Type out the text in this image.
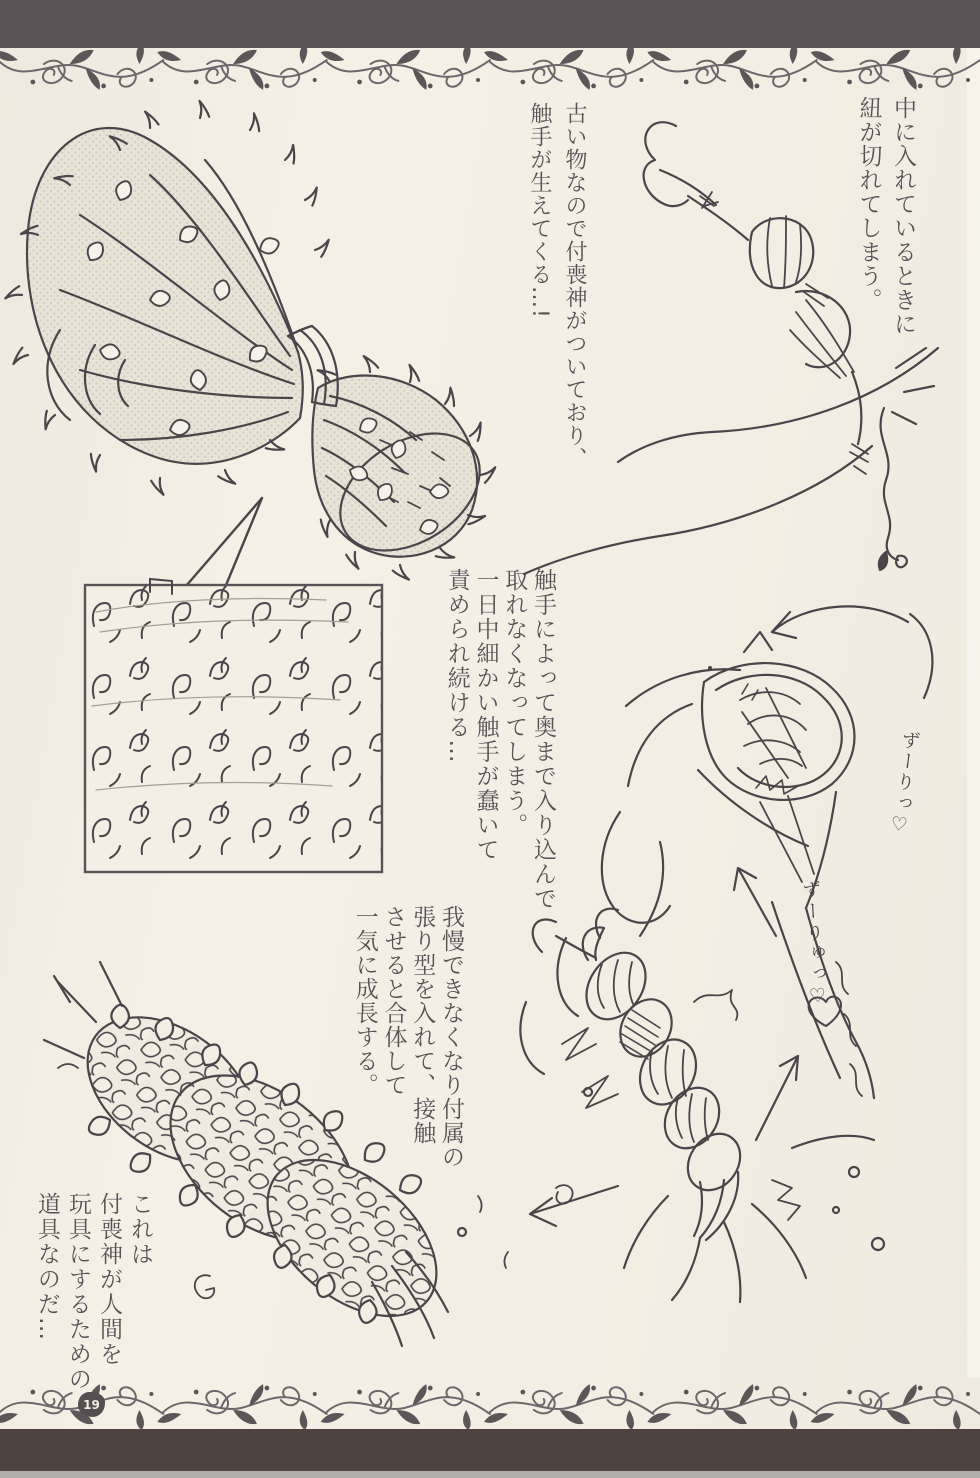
19

中に入れているときに

紐が切れてしまう。

古い物なので付喪神がついており、

触手が生えてくる…!

触手によって奥まで入り込んで

取れなくなってしまう。

一日中細かい触手が蠢いて

責められ続ける…

我慢できなくなり付属の

張り型を入れて、接触

させると合体して

一気に成長する。

これは

付喪神が人間を

玩具にするための

道具なのだ…

ずーりっ♡
ずーりゅっ♡
